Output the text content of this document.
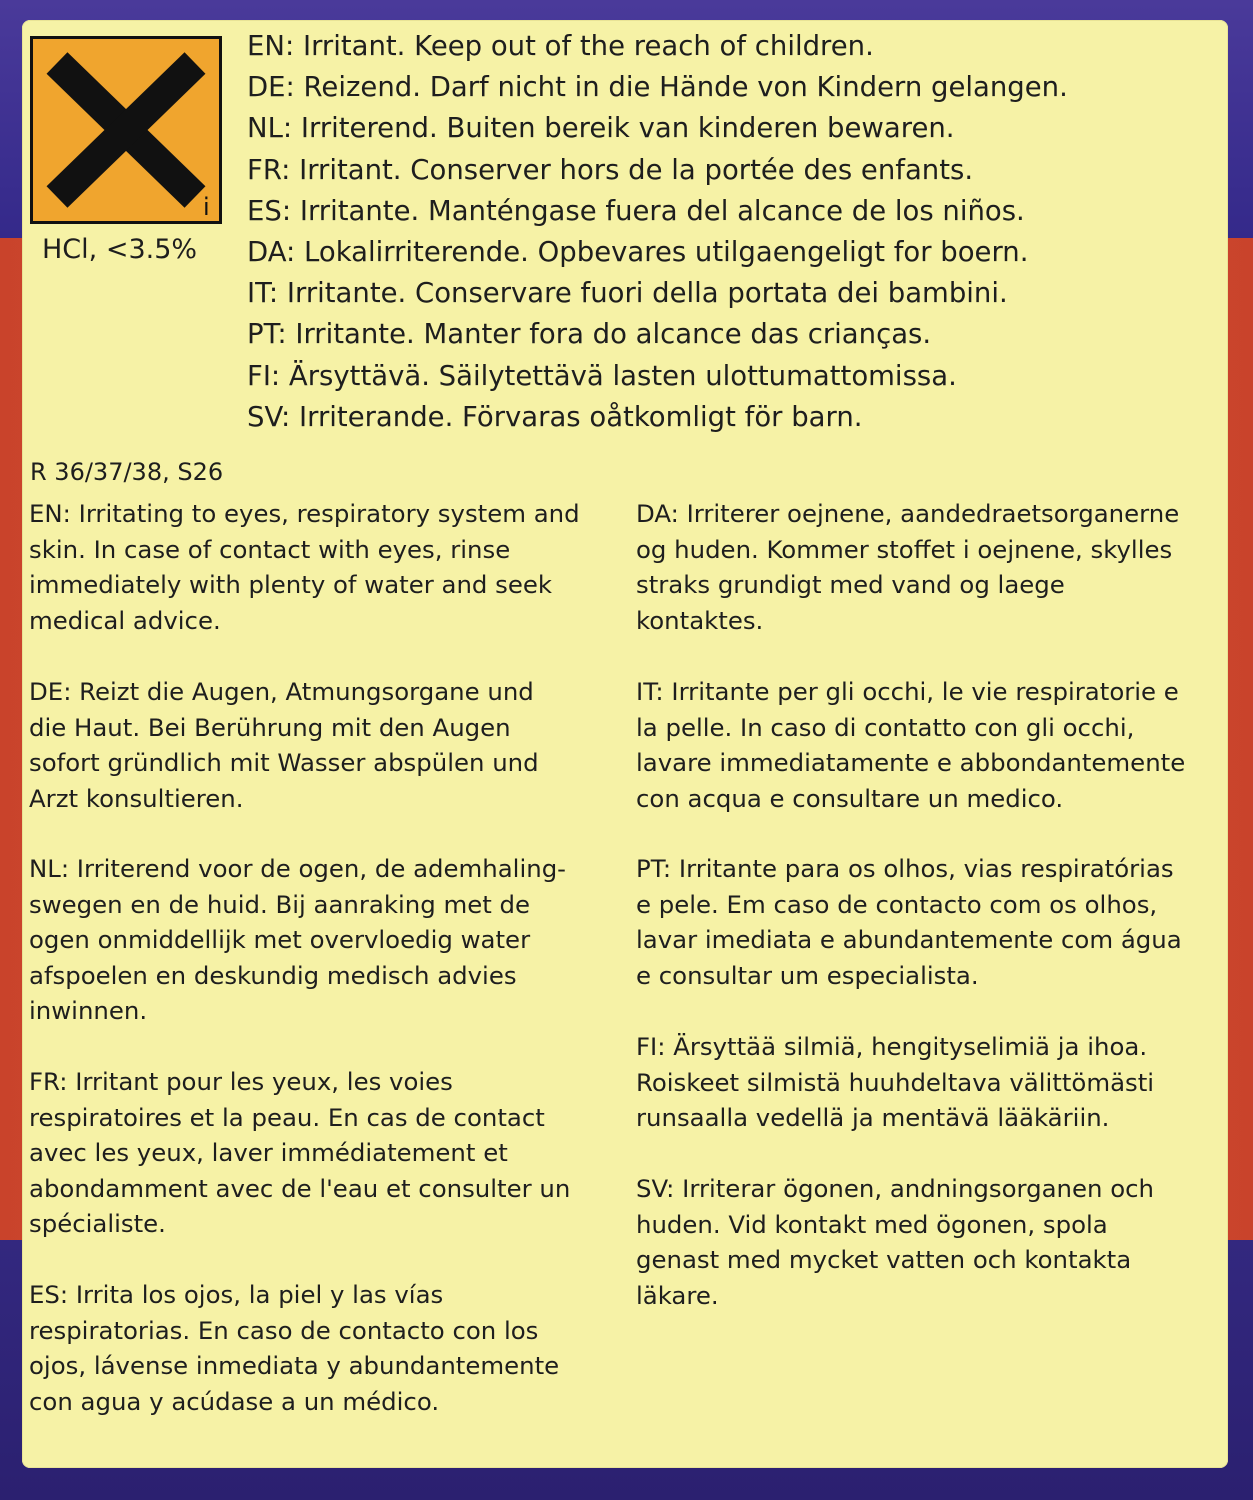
i
HCl, <3.5%
EN: Irritant. Keep out of the reach of children.
DE: Reizend. Darf nicht in die Hände von Kindern gelangen.
NL: Irriterend. Buiten bereik van kinderen bewaren.
FR: Irritant. Conserver hors de la portée des enfants.
ES: Irritante. Manténgase fuera del alcance de los niños.
DA: Lokalirriterende. Opbevares utilgaengeligt for boern.
IT: Irritante. Conservare fuori della portata dei bambini.
PT: Irritante. Manter fora do alcance das crianças.
FI: Ärsyttävä. Säilytettävä lasten ulottumattomissa.
SV: Irriterande. Förvaras oåtkomligt för barn.
R 36/37/38, S26

EN: Irritating to eyes, respiratory system and
skin. In case of contact with eyes, rinse
immediately with plenty of water and seek
medical advice.

DE: Reizt die Augen, Atmungsorgane und
die Haut. Bei Berührung mit den Augen
sofort gründlich mit Wasser abspülen und
Arzt konsultieren.

NL: Irriterend voor de ogen, de ademhaling-
swegen en de huid. Bij aanraking met de
ogen onmiddellijk met overvloedig water
afspoelen en deskundig medisch advies
inwinnen.

FR: Irritant pour les yeux, les voies
respiratoires et la peau. En cas de contact
avec les yeux, laver immédiatement et
abondamment avec de l'eau et consulter un
spécialiste.

ES: Irrita los ojos, la piel y las vías
respiratorias. En caso de contacto con los
ojos, lávense inmediata y abundantemente
con agua y acúdase a un médico.

DA: Irriterer oejnene, aandedraetsorganerne
og huden. Kommer stoffet i oejnene, skylles
straks grundigt med vand og laege
kontaktes.

IT: Irritante per gli occhi, le vie respiratorie e
la pelle. In caso di contatto con gli occhi,
lavare immediatamente e abbondantemente
con acqua e consultare un medico.

PT: Irritante para os olhos, vias respiratórias
e pele. Em caso de contacto com os olhos,
lavar imediata e abundantemente com água
e consultar um especialista.

FI: Ärsyttää silmiä, hengityselimiä ja ihoa.
Roiskeet silmistä huuhdeltava välittömästi
runsaalla vedellä ja mentävä lääkäriin.

SV: Irriterar ögonen, andningsorganen och
huden. Vid kontakt med ögonen, spola
genast med mycket vatten och kontakta
läkare.
